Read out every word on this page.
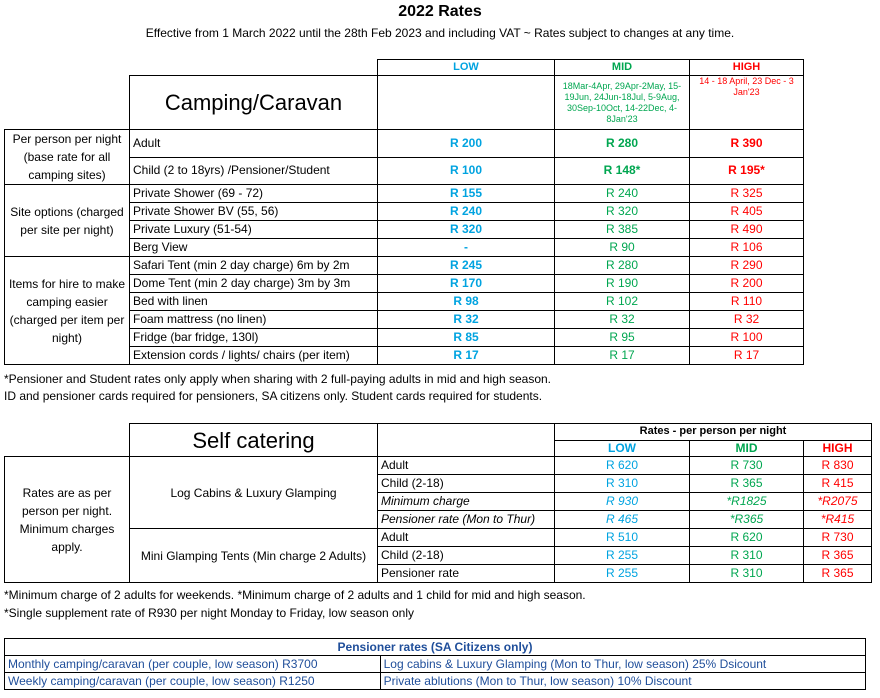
2022 Rates
Effective from 1 March 2022 until the 28th Feb 2023 and including VAT ~ Rates subject to changes at any time.
		LOW	MID	HIGH
	Camping/Caravan		18Mar-4Apr, 29Apr-2May, 15-19Jun, 24Jun-18Jul, 5-9Aug, 30Sep-10Oct, 14-22Dec, 4-8Jan'23	14 - 18 April, 23 Dec - 3 Jan'23
Per person per night (base rate for all camping sites)	Adult	R 200	R 280	R 390
	Child (2 to 18yrs) /Pensioner/Student	R 100	R 148*	R 195*
Site options (charged per site per night)	Private Shower (69 - 72)	R 155	R 240	R 325
	Private Shower BV (55, 56)	R 240	R 320	R 405
	Private Luxury (51-54)	R 320	R 385	R 490
	Berg View	-	R 90	R 106
Items for hire to make camping easier (charged per item per night)	Safari Tent (min 2 day charge) 6m by 2m	R 245	R 280	R 290
	Dome Tent (min 2 day charge) 3m by 3m	R 170	R 190	R 200
	Bed with linen	R 98	R 102	R 110
	Foam mattress (no linen)	R 32	R 32	R 32
	Fridge (bar fridge, 130l)	R 85	R 95	R 100
	Extension cords / lights/ chairs (per item)	R 17	R 17	R 17
*Pensioner and Student rates only apply when sharing with 2 full-paying adults in mid and high season.
ID and pensioner cards required for pensioners, SA citizens only. Student cards required for students.
	Self catering		Rates - per person per night		
			LOW	MID	HIGH
Rates are as per person per night. Minimum charges apply.	Log Cabins & Luxury Glamping	Adult	R 620	R 730	R 830
		Child (2-18)	R 310	R 365	R 415
		Minimum charge	R 930	*R1825	*R2075
		Pensioner rate (Mon to Thur)	R 465	*R365	*R415
	Mini Glamping Tents (Min charge 2 Adults)	Adult	R 510	R 620	R 730
		Child (2-18)	R 255	R 310	R 365
		Pensioner rate	R 255	R 310	R 365
*Minimum charge of 2 adults for weekends. *Minimum charge of 2 adults and 1 child for mid and high season.
*Single supplement rate of R930 per night Monday to Friday, low season only
Pensioner rates (SA Citizens only)	
Monthly camping/caravan (per couple, low season) R3700	Log cabins & Luxury Glamping (Mon to Thur, low season) 25% Dsicount
Weekly camping/caravan (per couple, low season) R1250	Private ablutions (Mon to Thur, low season) 10% Discount
